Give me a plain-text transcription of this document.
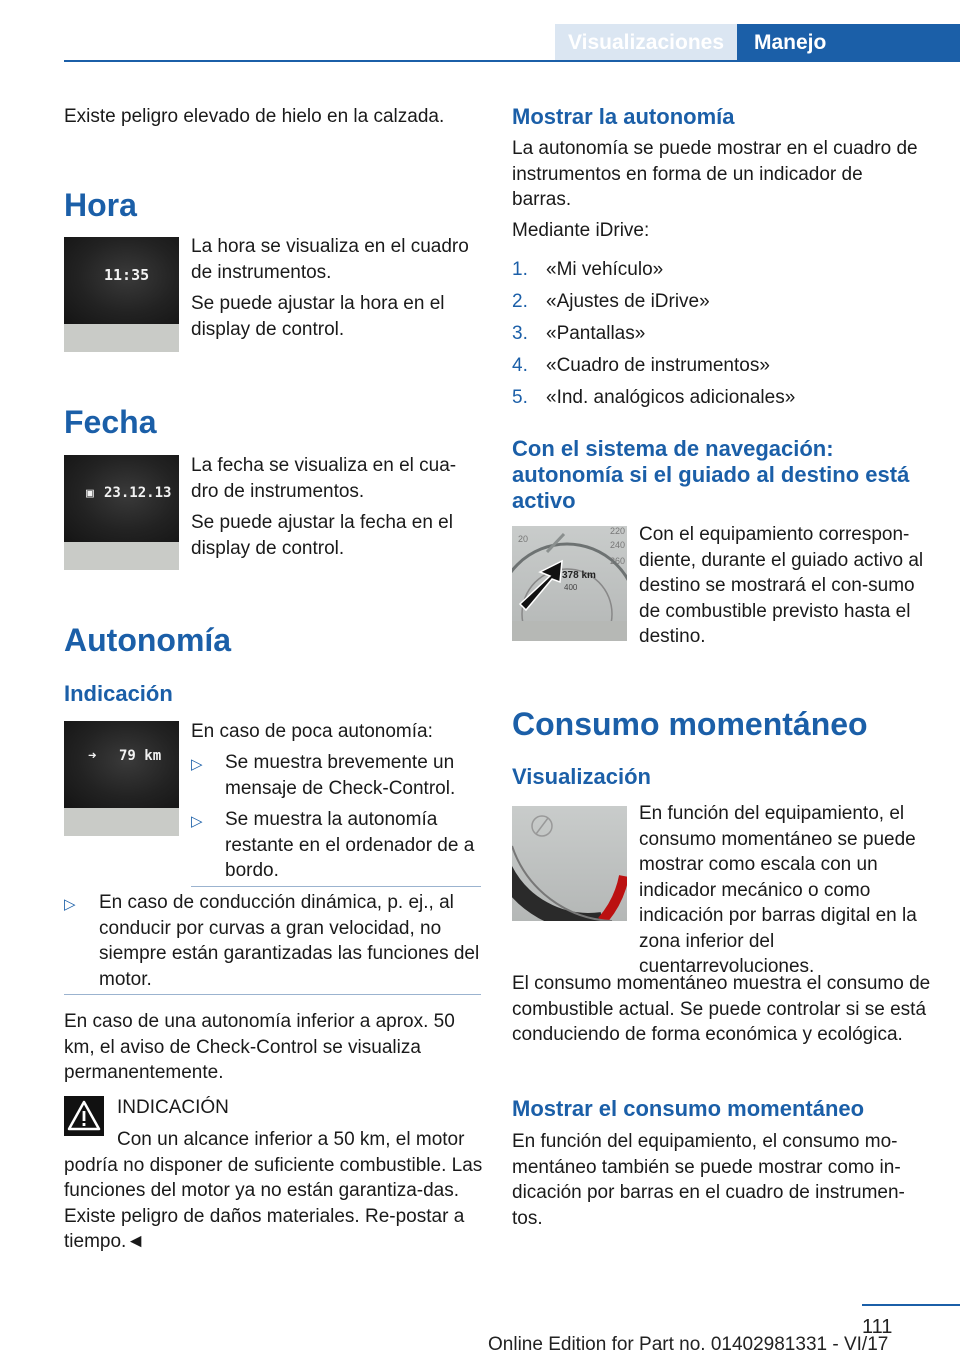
Visualizaciones	Manejo

Existe peligro elevado de hielo en la calzada.

Hora
11:35

La hora se visualiza en el cuadro de instrumentos.

Se puede ajustar la hora en el display de control.

Fecha
▣ 23.12.13

La fecha se visualiza en el cua-dro de instrumentos.

Se puede ajustar la fecha en el display de control.

Autonomía
Indicación
➜ 79 km

En caso de poca autonomía:

▷ Se muestra brevemente un mensaje de Check-Control.

▷ Se muestra la autonomía restante en el ordenador de a bordo.

▷ En caso de conducción dinámica, p. ej., al conducir por curvas a gran velocidad, no siempre están garantizadas las funciones del motor.

En caso de una autonomía inferior a aprox. 50 km, el aviso de Check-Control se visualiza permanentemente.

INDICACIÓN

Con un alcance inferior a 50 km, el motor podría no disponer de suficiente combustible. Las funciones del motor ya no están garantiza-das. Existe peligro de daños materiales. Re-postar a tiempo.◄

Mostrar la autonomía

La autonomía se puede mostrar en el cuadro de instrumentos en forma de un indicador de barras.

Mediante iDrive:

1. «Mi vehículo»

2. «Ajustes de iDrive»

3. «Pantallas»

4. «Cuadro de instrumentos»

5. «Ind. analógicos adicionales»

Con el sistema de navegación: autonomía si el guiado al destino está activo
20
220
240
260
378 km
400

Con el equipamiento correspon-diente, durante el guiado activo al destino se mostrará el con-sumo de combustible previsto hasta el destino.

Consumo momentáneo
Visualización

En función del equipamiento, el consumo momentáneo se puede mostrar como escala con un indicador mecánico o como indicación por barras digital en la zona inferior del cuentarrevoluciones.

El consumo momentáneo muestra el consumo de combustible actual. Se puede controlar si se está conduciendo de forma económica y ecológica.

Mostrar el consumo momentáneo

En función del equipamiento, el consumo mo-mentáneo también se puede mostrar como in-dicación por barras en el cuadro de instrumen-tos.

111
Online Edition for Part no. 01402981331 - VI/17
